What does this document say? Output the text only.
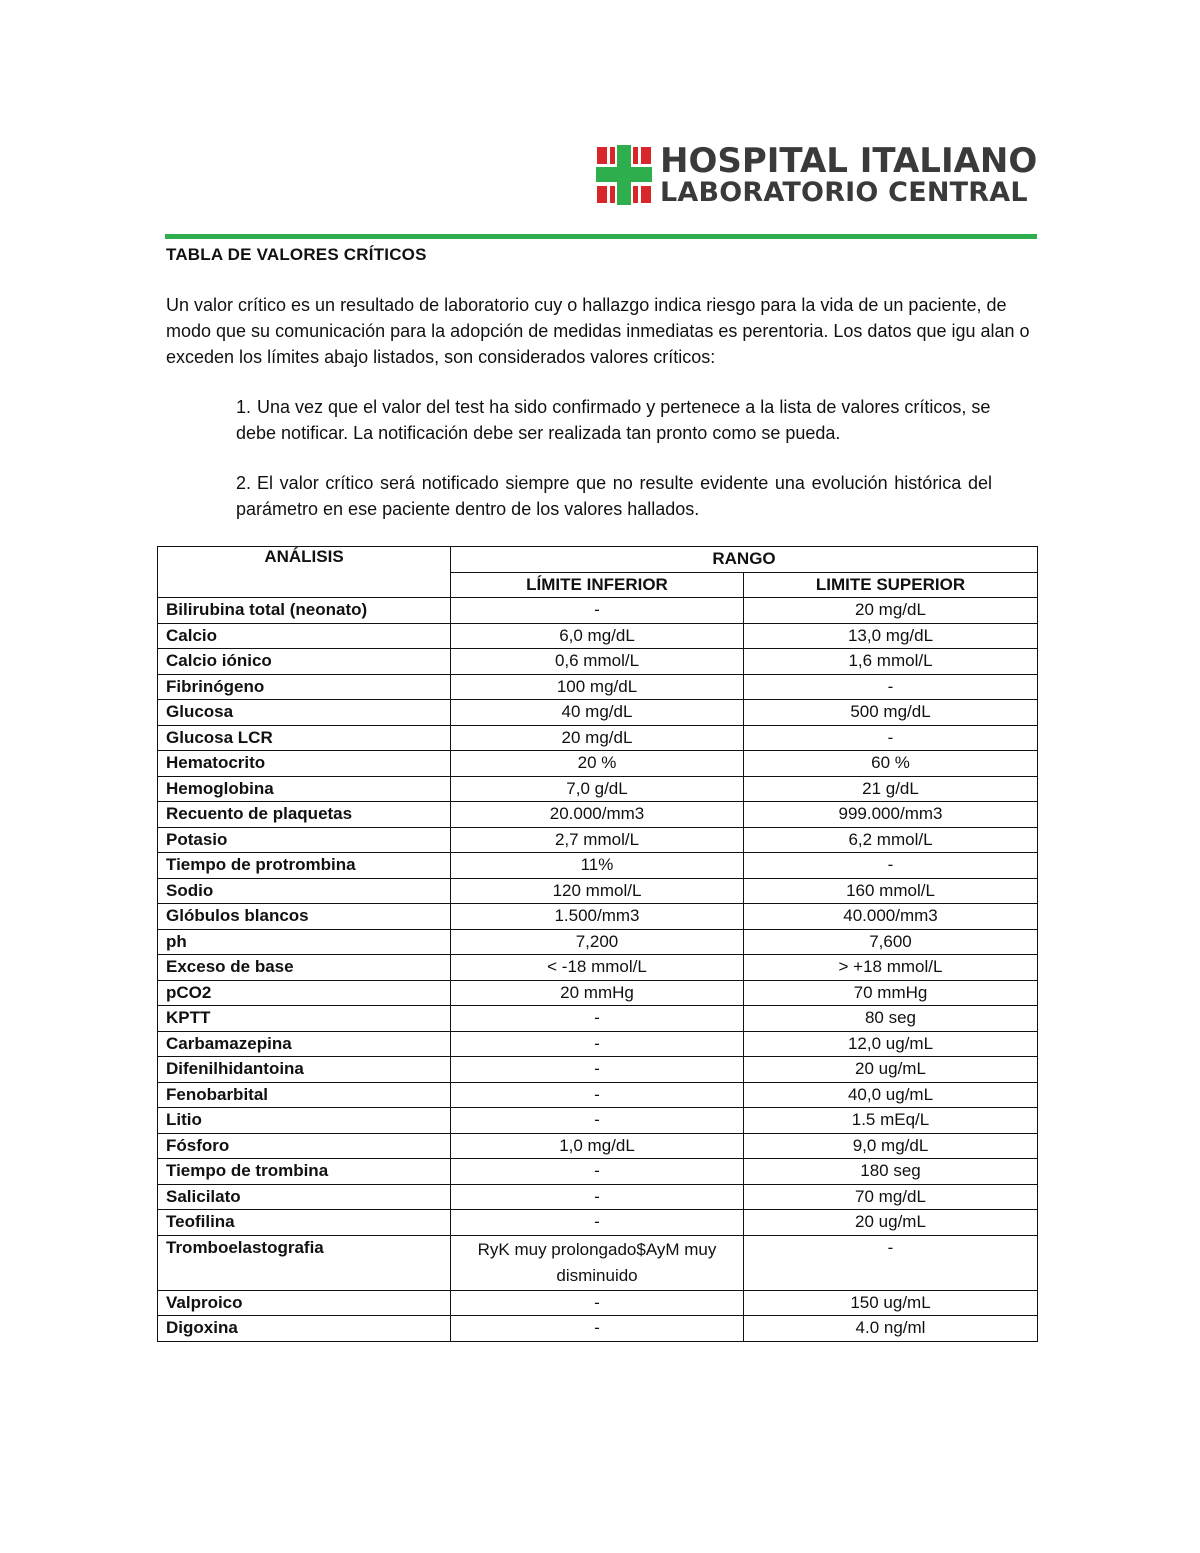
HOSPITAL ITALIANO
LABORATORIO CENTRAL
TABLA DE VALORES CRÍTICOS

Un valor crítico es un resultado de laboratorio cuy o hallazgo indica riesgo para la vida de un paciente, de modo que su comunicación para la adopción de medidas inmediatas es perentoria. Los datos que igu alan o exceden los límites abajo listados, son considerados valores críticos:

1. Una vez que el valor del test ha sido confirmado y pertenece a la lista de valores críticos, se debe notificar. La notificación debe ser realizada tan pronto como se pueda.
2. El valor crítico será notificado siempre que no resulte evidente una evolución histórica del parámetro en ese paciente dentro de los valores hallados.
ANÁLISIS	RANGO	
	LÍMITE INFERIOR	LIMITE SUPERIOR
Bilirubina total (neonato)	-	20 mg/dL
Calcio	6,0 mg/dL	13,0 mg/dL
Calcio iónico	0,6 mmol/L	1,6 mmol/L
Fibrinógeno	100 mg/dL	-
Glucosa	40 mg/dL	500 mg/dL
Glucosa LCR	20 mg/dL	-
Hematocrito	20 %	60 %
Hemoglobina	7,0 g/dL	21 g/dL
Recuento de plaquetas	20.000/mm3	999.000/mm3
Potasio	2,7 mmol/L	6,2 mmol/L
Tiempo de protrombina	11%	-
Sodio	120 mmol/L	160 mmol/L
Glóbulos blancos	1.500/mm3	40.000/mm3
ph	7,200	7,600
Exceso de base	< -18 mmol/L	> +18 mmol/L
pCO2	20 mmHg	70 mmHg
KPTT	-	80 seg
Carbamazepina	-	12,0 ug/mL
Difenilhidantoina	-	20 ug/mL
Fenobarbital	-	40,0 ug/mL
Litio	-	1.5 mEq/L
Fósforo	1,0 mg/dL	9,0 mg/dL
Tiempo de trombina	-	180 seg
Salicilato	-	70 mg/dL
Teofilina	-	20 ug/mL
Tromboelastografia	RyK muy prolongado$AyM muy disminuido	-
Valproico	-	150 ug/mL
Digoxina	-	4.0 ng/ml
